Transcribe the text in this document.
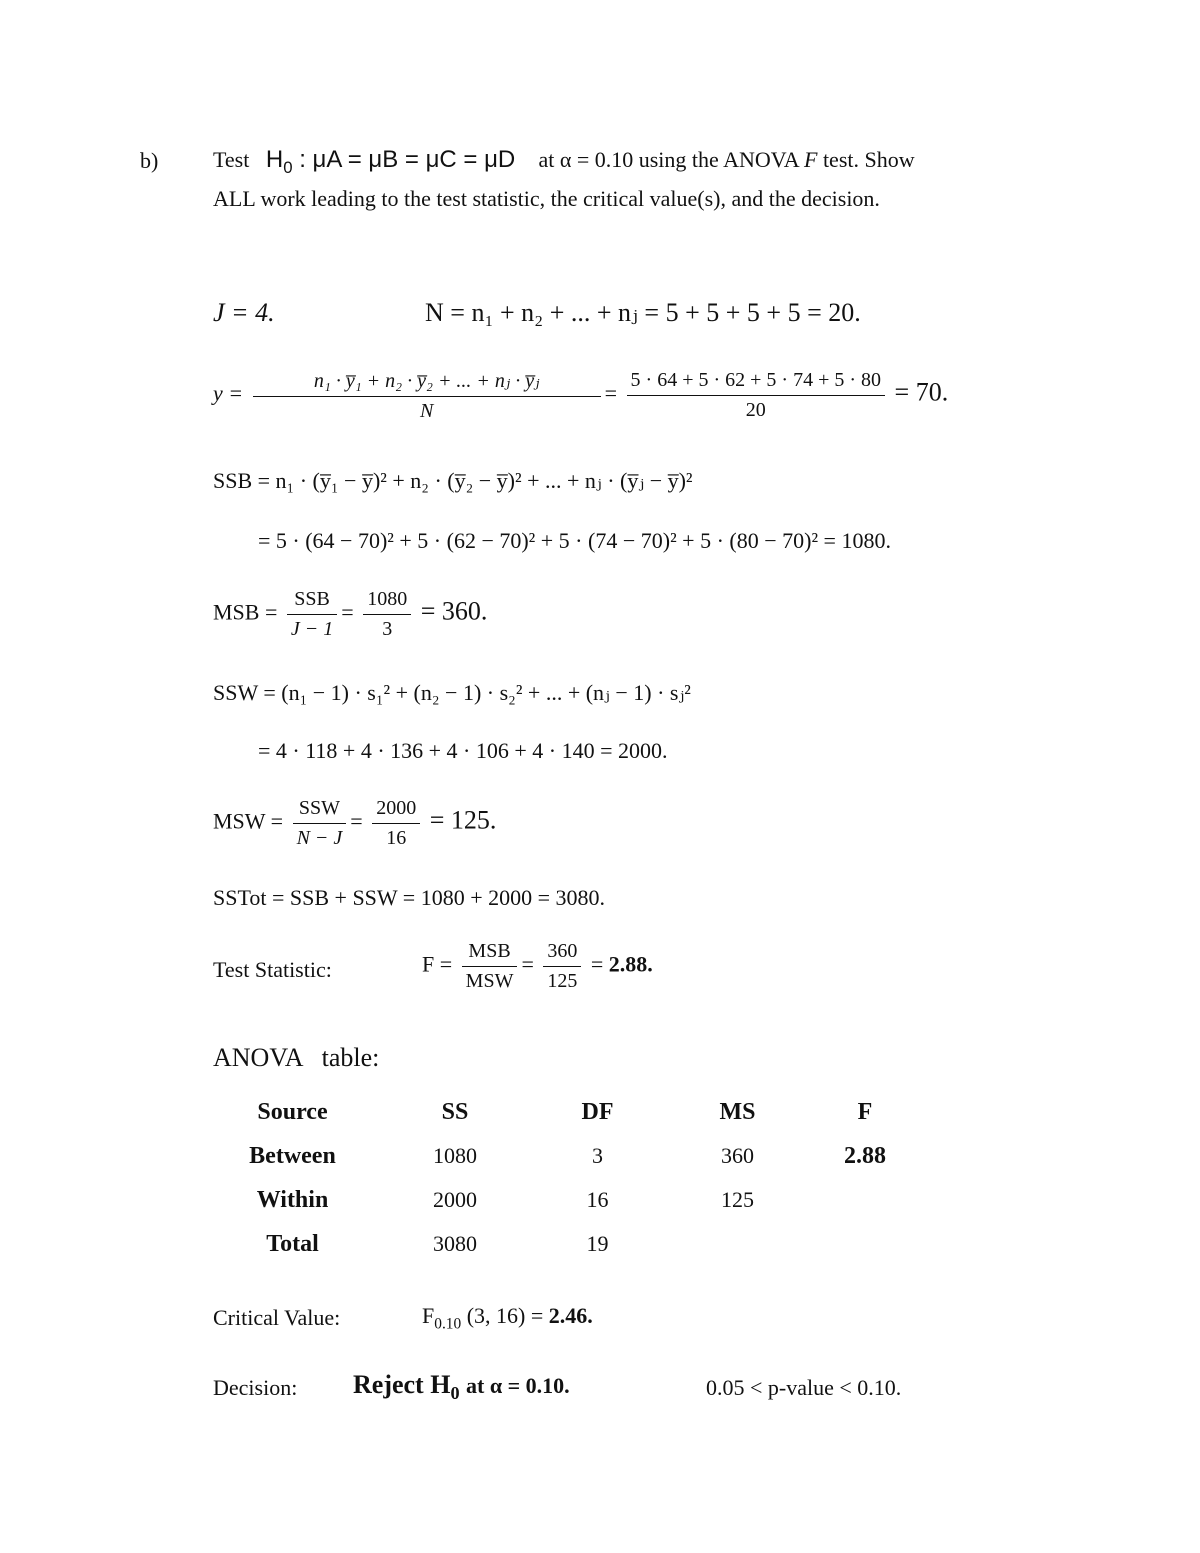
b) Test $H_0$ : μA = μB = μC = μD at α = 0.10 using the ANOVA F test. Show
ALL work leading to the test statistic, the critical value(s), and the decision.
J = 4.	N = n₁ + n₂ + ... + nⱼ = 5 + 5 + 5 + 5 = 20.
$y = \frac{\text{n₁ · y̅₁ + n₂ · y̅₂ + ... + nⱼ · y̅ⱼ}}{N} = \frac{5 \cdot 64 + 5 \cdot 62 + 5 \cdot 74 + 5 \cdot 80}{20} = 70$.
SSB = n₁ · (y̅₁ − y̅)² + n₂ · (y̅₂ − y̅)² + ... + nⱼ · (y̅ⱼ − y̅)²
= 5 · (64 − 70)² + 5 · (62 − 70)² + 5 · (74 − 70)² + 5 · (80 − 70)² = 1080.
MSB = $\frac{\text{SSB}}{J - 1} = \frac{1080}{3} = 360$.
SSW = (n₁ − 1) · s₁² + (n₂ − 1) · s₂² + ... + (nⱼ − 1) · sⱼ²
= 4 · 118 + 4 · 136 + 4 · 106 + 4 · 140 = 2000.
MSW = $\frac{\text{SSW}}{N - J} = \frac{2000}{16} = 125$.
SSTot = SSB + SSW = 1080 + 2000 = 3080.
Test Statistic:	$F = \frac{\text{MSB}}{\text{MSW}} = \frac{360}{125} = 2.88$.
ANOVA   table:
Source	SS	DF	MS	F
Between	1080	3	360	2.88
Within	2000	16	125	
Total	3080	19		
Critical Value:	$F_{0.10}$ (3, 16) = 2.46.
Decision: Reject $H_0$ at α = 0.10.	0.05 < p-value < 0.10.
